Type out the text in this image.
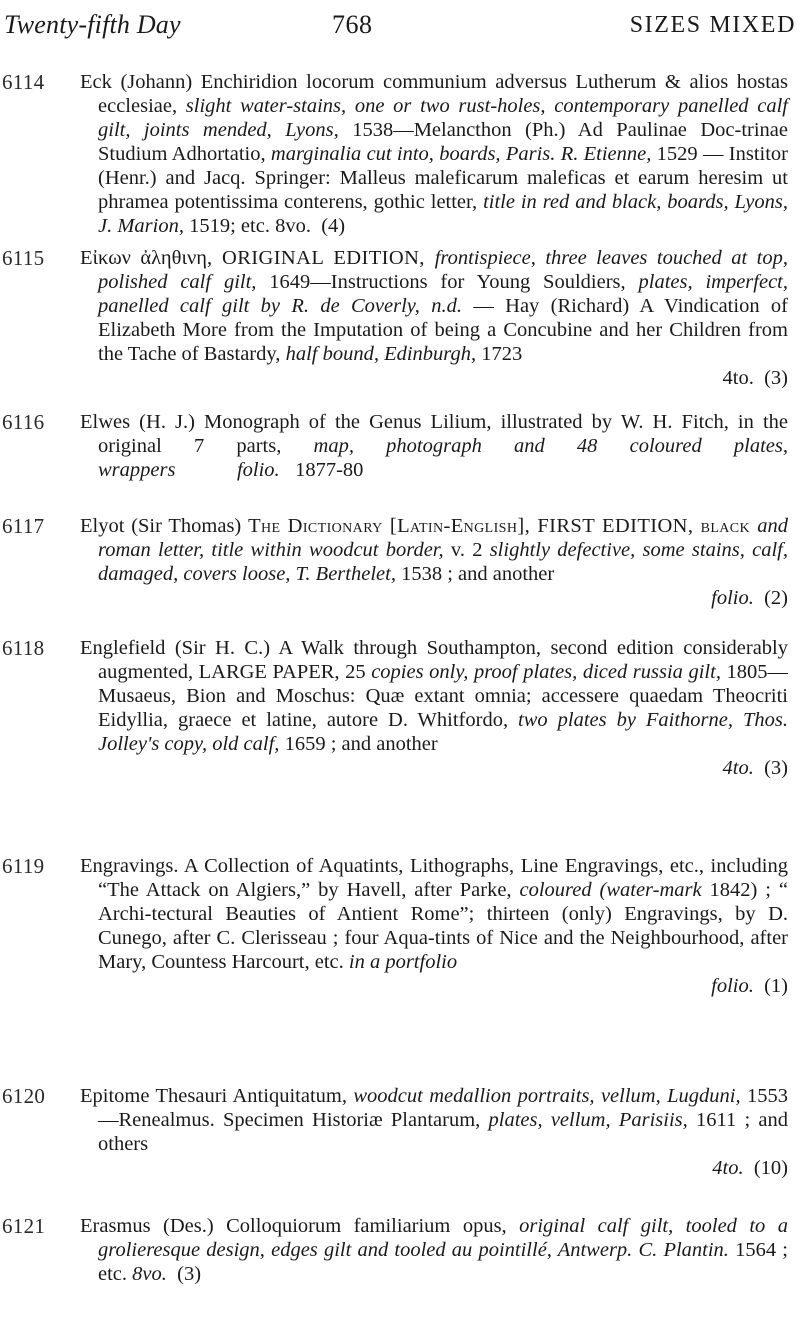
Twenty-fifth Day	768	SIZES MIXED
6114 Eck (Johann) Enchiridion locorum communium adversus Lutherum & alios hostas ecclesiae, slight water-stains, one or two rust-holes, contemporary panelled calf gilt, joints mended, Lyons, 1538—Melancthon (Ph.) Ad Paulinae Doc-trinae Studium Adhortatio, marginalia cut into, boards, Paris. R. Etienne, 1529 — Institor (Henr.) and Jacq. Springer: Malleus maleficarum maleficas et earum heresim ut phramea potentissima conterens, gothic letter, title in red and black, boards, Lyons, J. Marion, 1519; etc. 8vo. (4)
6115 Εἰκων ἀληθινη, ORIGINAL EDITION, frontispiece, three leaves touched at top, polished calf gilt, 1649—Instructions for Young Souldiers, plates, imperfect, panelled calf gilt by R. de Coverly, n.d. — Hay (Richard) A Vindication of Elizabeth More from the Imputation of being a Concubine and her Children from the Tache of Bastardy, half bound, Edinburgh, 1723
4to. (3)
6116 Elwes (H. J.) Monograph of the Genus Lilium, illustrated by W. H. Fitch, in the original 7 parts, map, photograph and 48 coloured plates, wrappers	folio. 1877-80
6117 Elyot (Sir Thomas) The Dictionary [Latin-English], FIRST EDITION, black and roman letter, title within woodcut border, v. 2 slightly defective, some stains, calf, damaged, covers loose, T. Berthelet, 1538 ; and another
folio. (2)
6118 Englefield (Sir H. C.) A Walk through Southampton, second edition considerably augmented, LARGE PAPER, 25 copies only, proof plates, diced russia gilt, 1805—Musaeus, Bion and Moschus: Quæ extant omnia; accessere quaedam Theocriti Eidyllia, graece et latine, autore D. Whitfordo, two plates by Faithorne, Thos. Jolley's copy, old calf, 1659 ; and another
4to. (3)
6119 Engravings. A Collection of Aquatints, Lithographs, Line Engravings, etc., including “The Attack on Algiers,” by Havell, after Parke, coloured (water-mark 1842) ; “ Archi-tectural Beauties of Antient Rome”; thirteen (only) Engravings, by D. Cunego, after C. Clerisseau ; four Aqua-tints of Nice and the Neighbourhood, after Mary, Countess Harcourt, etc. in a portfolio
folio. (1)
6120 Epitome Thesauri Antiquitatum, woodcut medallion portraits, vellum, Lugduni, 1553—Renealmus. Specimen Historiæ Plantarum, plates, vellum, Parisiis, 1611 ; and others
4to. (10)
6121 Erasmus (Des.) Colloquiorum familiarium opus, original calf gilt, tooled to a grolieresque design, edges gilt and tooled au pointillé, Antwerp. C. Plantin. 1564 ; etc. 8vo. (3)
